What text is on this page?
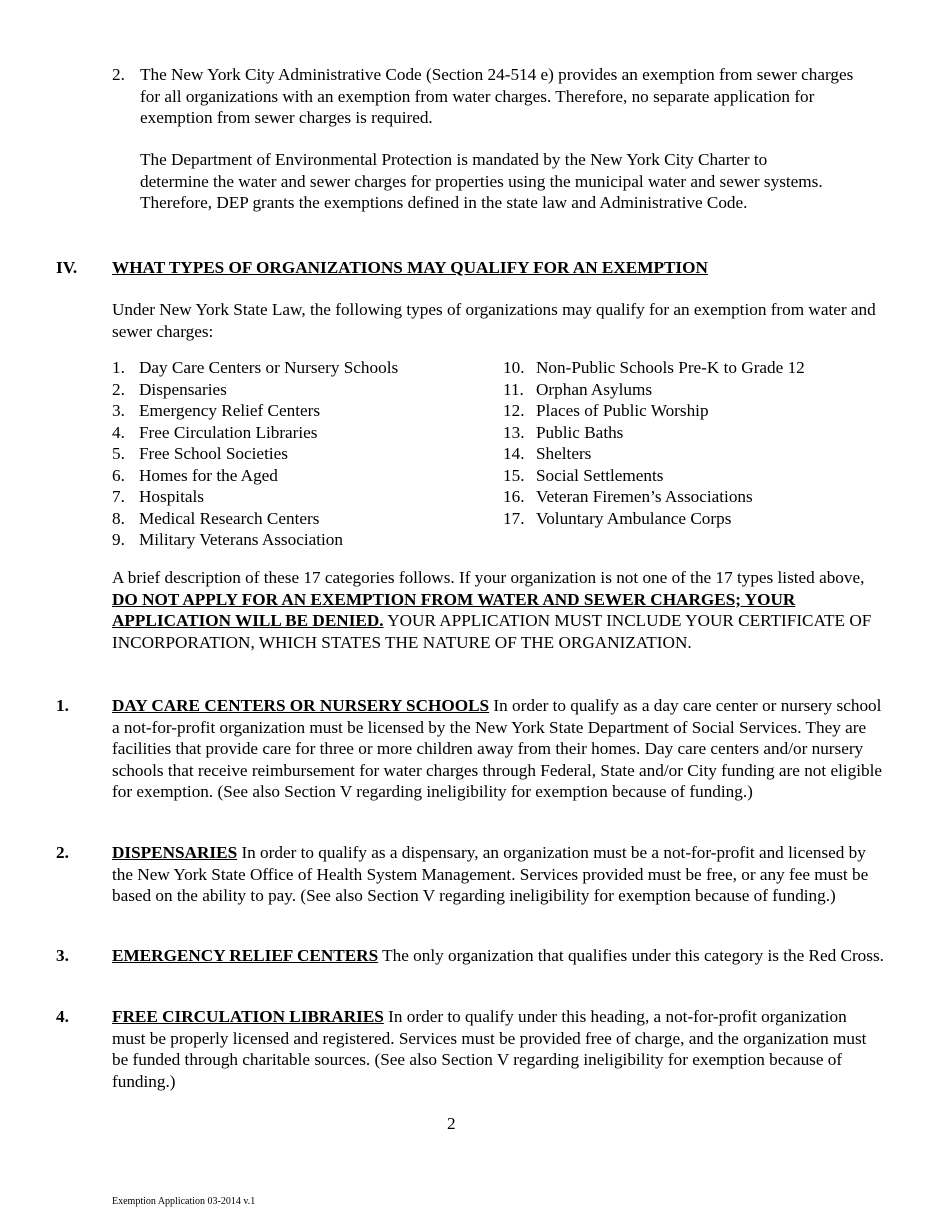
2. The New York City Administrative Code (Section 24-514 e) provides an exemption from sewer charges for all organizations with an exemption from water charges. Therefore, no separate application for exemption from sewer charges is required.

The Department of Environmental Protection is mandated by the New York City Charter to determine the water and sewer charges for properties using the municipal water and sewer systems. Therefore, DEP grants the exemptions defined in the state law and Administrative Code.

IV. WHAT TYPES OF ORGANIZATIONS MAY QUALIFY FOR AN EXEMPTION

Under New York State Law, the following types of organizations may qualify for an exemption from water and sewer charges:

1. Day Care Centers or Nursery Schools
2. Dispensaries
3. Emergency Relief Centers
4. Free Circulation Libraries
5. Free School Societies
6. Homes for the Aged
7. Hospitals
8. Medical Research Centers
9. Military Veterans Association
10. Non-Public Schools Pre-K to Grade 12
11. Orphan Asylums
12. Places of Public Worship
13. Public Baths
14. Shelters
15. Social Settlements
16. Veteran Firemen’s Associations
17. Voluntary Ambulance Corps

A brief description of these 17 categories follows. If your organization is not one of the 17 types listed above, DO NOT APPLY FOR AN EXEMPTION FROM WATER AND SEWER CHARGES; YOUR APPLICATION WILL BE DENIED. YOUR APPLICATION MUST INCLUDE YOUR CERTIFICATE OF INCORPORATION, WHICH STATES THE NATURE OF THE ORGANIZATION.

1.	DAY CARE CENTERS OR NURSERY SCHOOLS In order to qualify as a day care center or nursery school a not-for-profit organization must be licensed by the New York State Department of Social Services. They are facilities that provide care for three or more children away from their homes. Day care centers and/or nursery schools that receive reimbursement for water charges through Federal, State and/or City funding are not eligible for exemption. (See also Section V regarding ineligibility for exemption because of funding.)

2.	DISPENSARIES In order to qualify as a dispensary, an organization must be a not-for-profit and licensed by the New York State Office of Health System Management. Services provided must be free, or any fee must be based on the ability to pay. (See also Section V regarding ineligibility for exemption because of funding.)

3.	EMERGENCY RELIEF CENTERS The only organization that qualifies under this category is the Red Cross.

4.	FREE CIRCULATION LIBRARIES In order to qualify under this heading, a not-for-profit organization must be properly licensed and registered. Services must be provided free of charge, and the organization must be funded through charitable sources. (See also Section V regarding ineligibility for exemption because of funding.)

2
Exemption Application 03-2014 v.1
